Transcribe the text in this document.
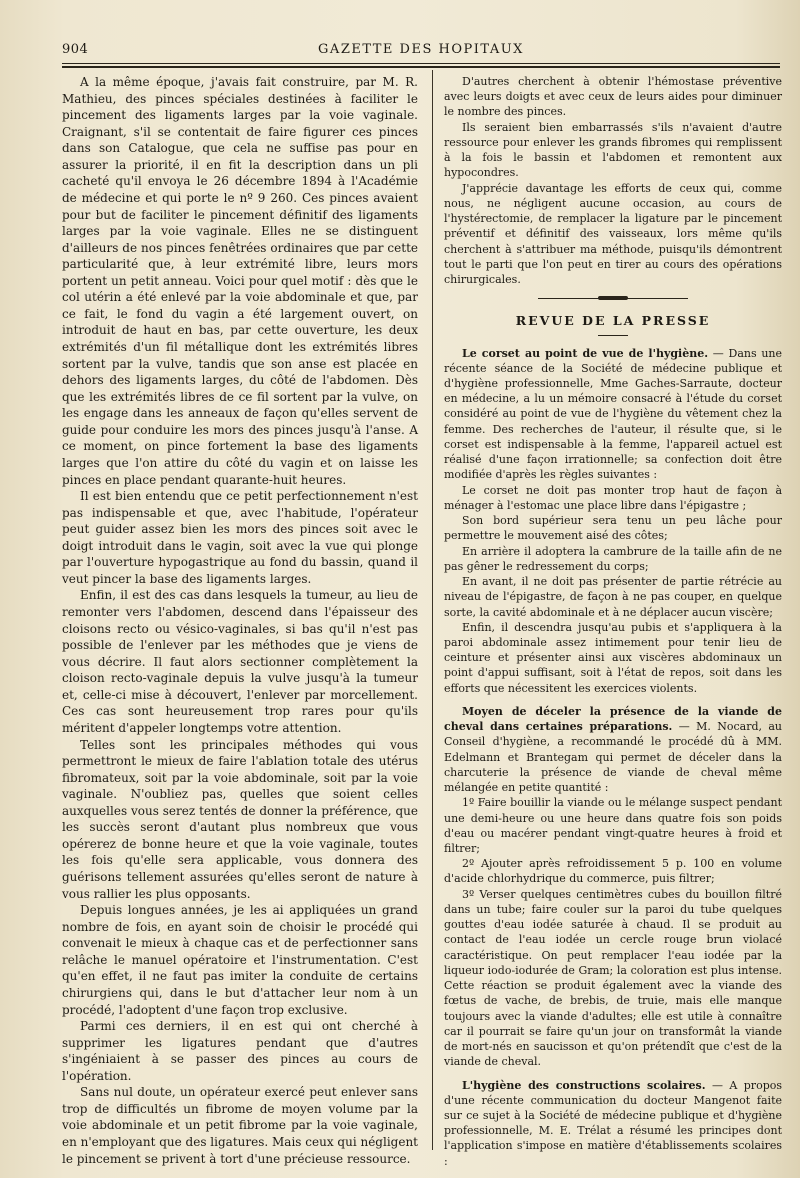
904	GAZETTE DES HOPITAUX

A la même époque, j'avais fait construire, par M. R. Mathieu, des pinces spéciales destinées à faciliter le pincement des ligaments larges par la voie vaginale. Craignant, s'il se contentait de faire figurer ces pinces dans son Catalogue, que cela ne suffise pas pour en assurer la priorité, il en fit la description dans un pli cacheté qu'il envoya le 26 décembre 1894 à l'Académie de médecine et qui porte le nº 9 260. Ces pinces avaient pour but de faciliter le pincement définitif des ligaments larges par la voie vaginale. Elles ne se distinguent d'ailleurs de nos pinces fenêtrées ordinaires que par cette particularité que, à leur extrémité libre, leurs mors portent un petit anneau. Voici pour quel motif : dès que le col utérin a été enlevé par la voie abdominale et que, par ce fait, le fond du vagin a été largement ouvert, on introduit de haut en bas, par cette ouverture, les deux extrémités d'un fil métallique dont les extrémités libres sortent par la vulve, tandis que son anse est placée en dehors des ligaments larges, du côté de l'abdomen. Dès que les extrémités libres de ce fil sortent par la vulve, on les engage dans les anneaux de façon qu'elles servent de guide pour conduire les mors des pinces jusqu'à l'anse. A ce moment, on pince fortement la base des ligaments larges que l'on attire du côté du vagin et on laisse les pinces en place pendant quarante-huit heures.

Il est bien entendu que ce petit perfectionnement n'est pas indispensable et que, avec l'habitude, l'opérateur peut guider assez bien les mors des pinces soit avec le doigt introduit dans le vagin, soit avec la vue qui plonge par l'ouverture hypogastrique au fond du bassin, quand il veut pincer la base des ligaments larges.

Enfin, il est des cas dans lesquels la tumeur, au lieu de remonter vers l'abdomen, descend dans l'épaisseur des cloisons recto ou vésico-vaginales, si bas qu'il n'est pas possible de l'enlever par les méthodes que je viens de vous décrire. Il faut alors sectionner complètement la cloison recto-vaginale depuis la vulve jusqu'à la tumeur et, celle-ci mise à découvert, l'enlever par morcellement. Ces cas sont heureusement trop rares pour qu'ils méritent d'appeler longtemps votre attention.

Telles sont les principales méthodes qui vous permettront le mieux de faire l'ablation totale des utérus fibromateux, soit par la voie abdominale, soit par la voie vaginale. N'oubliez pas, quelles que soient celles auxquelles vous serez tentés de donner la préférence, que les succès seront d'autant plus nombreux que vous opérerez de bonne heure et que la voie vaginale, toutes les fois qu'elle sera applicable, vous donnera des guérisons tellement assurées qu'elles seront de nature à vous rallier les plus opposants.

Depuis longues années, je les ai appliquées un grand nombre de fois, en ayant soin de choisir le procédé qui convenait le mieux à chaque cas et de perfectionner sans relâche le manuel opératoire et l'instrumentation. C'est qu'en effet, il ne faut pas imiter la conduite de certains chirurgiens qui, dans le but d'attacher leur nom à un procédé, l'adoptent d'une façon trop exclusive.

Parmi ces derniers, il en est qui ont cherché à supprimer les ligatures pendant que d'autres s'ingéniaient à se passer des pinces au cours de l'opération.

Sans nul doute, un opérateur exercé peut enlever sans trop de difficultés un fibrome de moyen volume par la voie abdominale et un petit fibrome par la voie vaginale, en n'employant que des ligatures. Mais ceux qui négligent le pincement se privent à tort d'une précieuse ressource.

D'autres cherchent à obtenir l'hémostase préventive avec leurs doigts et avec ceux de leurs aides pour diminuer le nombre des pinces.

Ils seraient bien embarrassés s'ils n'avaient d'autre ressource pour enlever les grands fibromes qui remplissent à la fois le bassin et l'abdomen et remontent aux hypocondres.

J'apprécie davantage les efforts de ceux qui, comme nous, ne négligent aucune occasion, au cours de l'hystérectomie, de remplacer la ligature par le pincement préventif et définitif des vaisseaux, lors même qu'ils cherchent à s'attribuer ma méthode, puisqu'ils démontrent tout le parti que l'on peut en tirer au cours des opérations chirurgicales.

REVUE DE LA PRESSE

Le corset au point de vue de l'hygiène. — Dans une récente séance de la Société de médecine publique et d'hygiène professionnelle, Mme Gaches-Sarraute, docteur en médecine, a lu un mémoire consacré à l'étude du corset considéré au point de vue de l'hygiène du vêtement chez la femme. Des recherches de l'auteur, il résulte que, si le corset est indispensable à la femme, l'appareil actuel est réalisé d'une façon irrationnelle; sa confection doit être modifiée d'après les règles suivantes :

Le corset ne doit pas monter trop haut de façon à ménager à l'estomac une place libre dans l'épigastre ;

Son bord supérieur sera tenu un peu lâche pour permettre le mouvement aisé des côtes;

En arrière il adoptera la cambrure de la taille afin de ne pas gêner le redressement du corps;

En avant, il ne doit pas présenter de partie rétrécie au niveau de l'épigastre, de façon à ne pas couper, en quelque sorte, la cavité abdominale et à ne déplacer aucun viscère;

Enfin, il descendra jusqu'au pubis et s'appliquera à la paroi abdominale assez intimement pour tenir lieu de ceinture et présenter ainsi aux viscères abdominaux un point d'appui suffisant, soit à l'état de repos, soit dans les efforts que nécessitent les exercices violents.

Moyen de déceler la présence de la viande de cheval dans certaines préparations. — M. Nocard, au Conseil d'hygiène, a recommandé le procédé dû à MM. Edelmann et Brantegam qui permet de déceler dans la charcuterie la présence de viande de cheval même mélangée en petite quantité :

1º Faire bouillir la viande ou le mélange suspect pendant une demi-heure ou une heure dans quatre fois son poids d'eau ou macérer pendant vingt-quatre heures à froid et filtrer;

2º Ajouter après refroidissement 5 p. 100 en volume d'acide chlorhydrique du commerce, puis filtrer;

3º Verser quelques centimètres cubes du bouillon filtré dans un tube; faire couler sur la paroi du tube quelques gouttes d'eau iodée saturée à chaud. Il se produit au contact de l'eau iodée un cercle rouge brun violacé caractéristique. On peut remplacer l'eau iodée par la liqueur iodo-iodurée de Gram; la coloration est plus intense. Cette réaction se produit également avec la viande des fœtus de vache, de brebis, de truie, mais elle manque toujours avec la viande d'adultes; elle est utile à connaître car il pourrait se faire qu'un jour on transformât la viande de mort-nés en saucisson et qu'on prétendît que c'est de la viande de cheval.

L'hygiène des constructions scolaires. — A propos d'une récente communication du docteur Mangenot faite sur ce sujet à la Société de médecine publique et d'hygiène professionnelle, M. E. Trélat a résumé les principes dont l'application s'impose en matière d'établissements scolaires :
